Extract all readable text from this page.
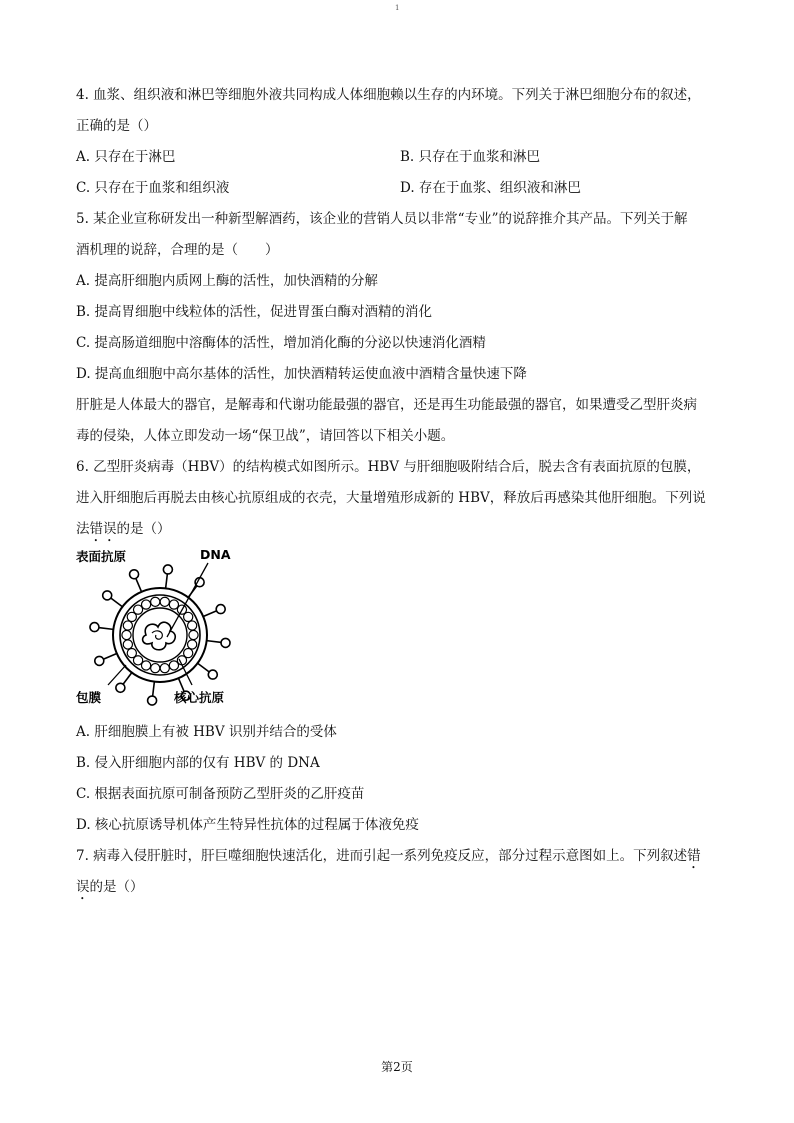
1
4. 血浆、组织液和淋巴等细胞外液共同构成人体细胞赖以生存的内环境。下列关于淋巴细胞分布的叙述，
正确的是（）
A. 只存在于淋巴	B. 只存在于血浆和淋巴
C. 只存在于血浆和组织液	D. 存在于血浆、组织液和淋巴
5. 某企业宣称研发出一种新型解酒药，该企业的营销人员以非常“专业”的说辞推介其产品。下列关于解
酒机理的说辞，合理的是（　　）
A. 提高肝细胞内质网上酶的活性，加快酒精的分解
B. 提高胃细胞中线粒体的活性，促进胃蛋白酶对酒精的消化
C. 提高肠道细胞中溶酶体的活性，增加消化酶的分泌以快速消化酒精
D. 提高血细胞中高尔基体的活性，加快酒精转运使血液中酒精含量快速下降
肝脏是人体最大的器官，是解毒和代谢功能最强的器官，还是再生功能最强的器官，如果遭受乙型肝炎病
毒的侵染，人体立即发动一场“保卫战”，请回答以下相关小题。
6. 乙型肝炎病毒（HBV）的结构模式如图所示。HBV 与肝细胞吸附结合后，脱去含有表面抗原的包膜，
进入肝细胞后再脱去由核心抗原组成的衣壳，大量增殖形成新的 HBV，释放后再感染其他肝细胞。下列说
法错误的是（）
表面抗原	DNA
包膜	核心抗原
A. 肝细胞膜上有被 HBV 识别并结合的受体
B. 侵入肝细胞内部的仅有 HBV 的 DNA
C. 根据表面抗原可制备预防乙型肝炎的乙肝疫苗
D. 核心抗原诱导机体产生特异性抗体的过程属于体液免疫
7. 病毒入侵肝脏时，肝巨噬细胞快速活化，进而引起一系列免疫反应，部分过程示意图如上。下列叙述错
误的是（）
第2页
